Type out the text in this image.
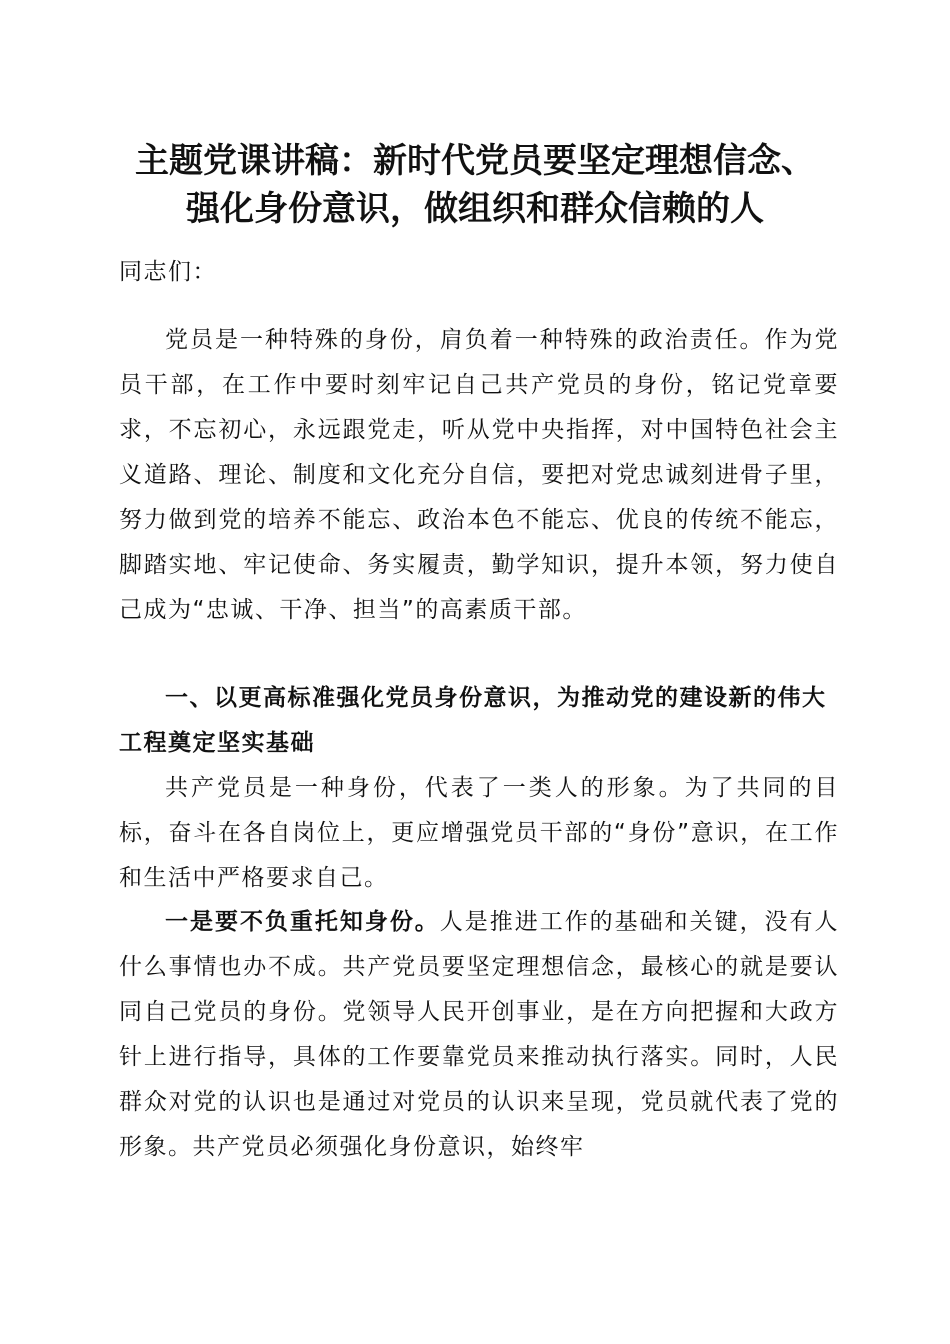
主题党课讲稿：新时代党员要坚定理想信念、
强化身份意识，做组织和群众信赖的人

同志们：

党员是一种特殊的身份，肩负着一种特殊的政治责任。作为党员干部，在工作中要时刻牢记自己共产党员的身份，铭记党章要求，不忘初心，永远跟党走，听从党中央指挥，对中国特色社会主义道路、理论、制度和文化充分自信，要把对党忠诚刻进骨子里，努力做到党的培养不能忘、政治本色不能忘、优良的传统不能忘，脚踏实地、牢记使命、务实履责，勤学知识，提升本领，努力使自己成为“忠诚、干净、担当”的高素质干部。

一、以更高标准强化党员身份意识，为推动党的建设新的伟大工程奠定坚实基础

共产党员是一种身份，代表了一类人的形象。为了共同的目标，奋斗在各自岗位上，更应增强党员干部的“身份”意识，在工作和生活中严格要求自己。

一是要不负重托知身份。人是推进工作的基础和关键，没有人什么事情也办不成。共产党员要坚定理想信念，最核心的就是要认同自己党员的身份。党领导人民开创事业，是在方向把握和大政方针上进行指导，具体的工作要靠党员来推动执行落实。同时，人民群众对党的认识也是通过对党员的认识来呈现，党员就代表了党的形象。共产党员必须强化身份意识，始终牢
